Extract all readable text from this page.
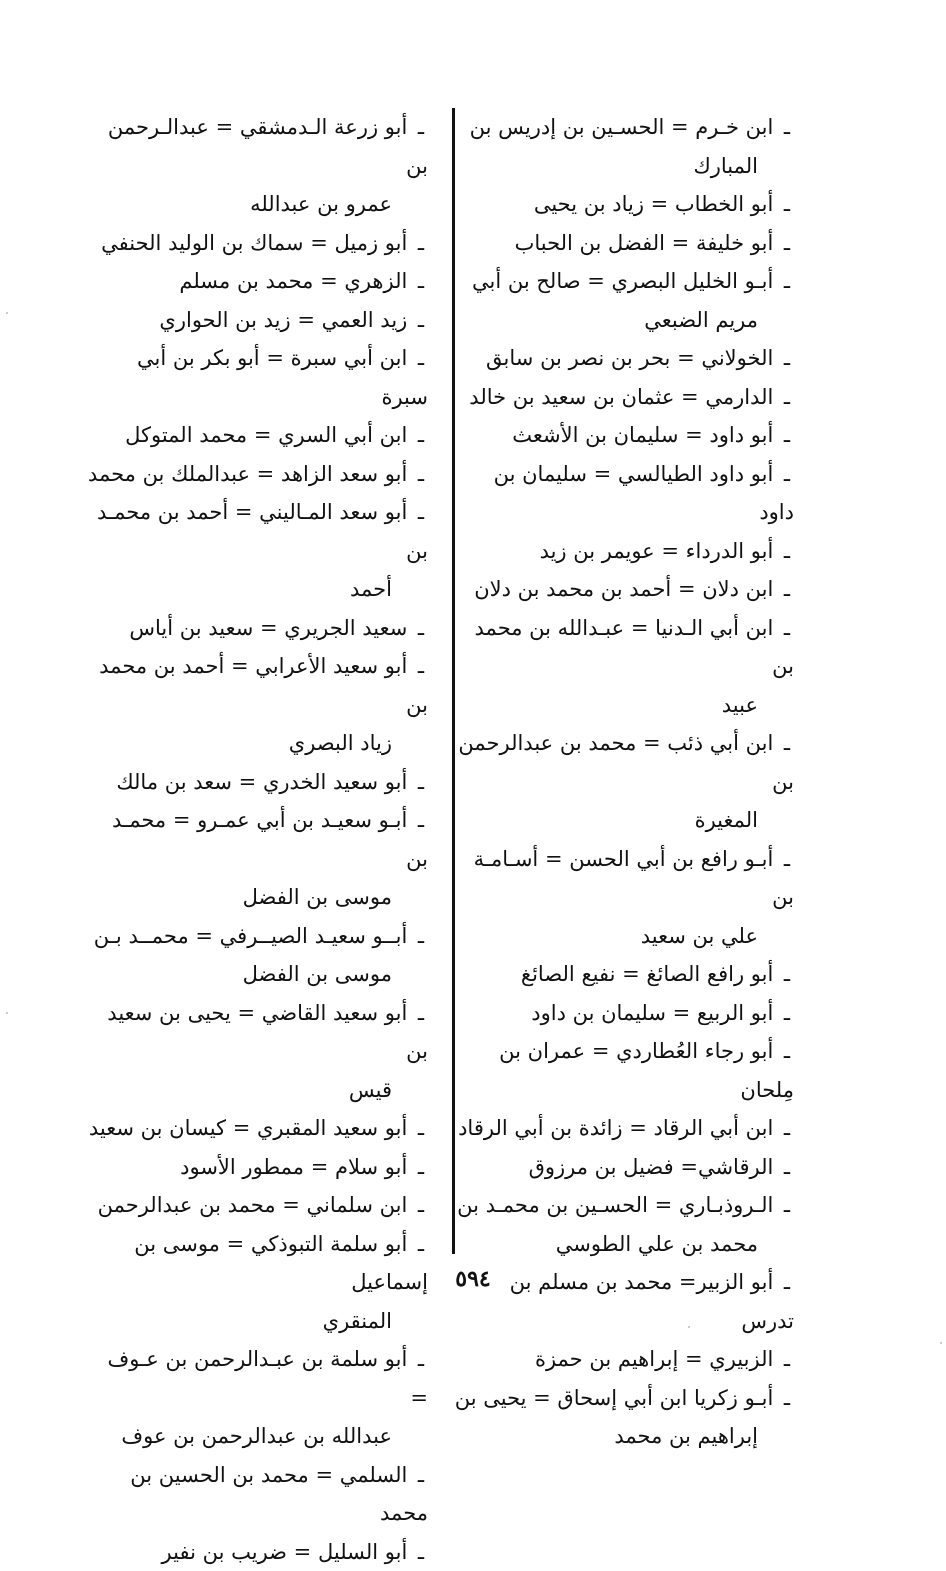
ـ ابن خـرم = الحسـين بن إدريس بن
المبارك
ـ أبو الخطاب = زياد بن يحيى
ـ أبو خليفة = الفضل بن الحباب
ـ أبـو الخليل البصري = صالح بن أبي
مريم الضبعي
ـ الخولاني = بحر بن نصر بن سابق
ـ الدارمي = عثمان بن سعيد بن خالد
ـ أبو داود = سليمان بن الأشعث
ـ أبو داود الطيالسي = سليمان بن داود
ـ أبو الدرداء = عويمر بن زيد
ـ ابن دلان = أحمد بن محمد بن دلان
ـ ابن أبي الـدنيا = عبـدالله بن محمد بن
عبيد
ـ ابن أبي ذئب = محمد بن عبدالرحمن بن
المغيرة
ـ أبـو رافع بن أبي الحسن = أسـامـة بن
علي بن سعيد
ـ أبو رافع الصائغ = نفيع الصائغ
ـ أبو الربيع = سليمان بن داود
ـ أبو رجاء العُطاردي = عمران بن مِلحان
ـ ابن أبي الرقاد = زائدة بن أبي الرقاد
ـ الرقاشي= فضيل بن مرزوق
ـ الـروذبـاري = الحسـين بن محمـد بن
محمد بن علي الطوسي
ـ أبو الزبير= محمد بن مسلم بن تدرس
ـ الزبيري = إبراهيم بن حمزة
ـ أبـو زكريا ابن أبي إسحاق = يحيى بن
إبراهيم بن محمد
ـ أبو زرعة الـدمشقي = عبدالـرحمن بن
عمرو بن عبدالله
ـ أبو زميل = سماك بن الوليد الحنفي
ـ الزهري = محمد بن مسلم
ـ زيد العمي = زيد بن الحواري
ـ ابن أبي سبرة = أبو بكر بن أبي سبرة
ـ ابن أبي السري = محمد المتوكل
ـ أبو سعد الزاهد = عبدالملك بن محمد
ـ أبو سعد المـاليني = أحمد بن محمـد بن
أحمد
ـ سعيد الجريري = سعيد بن أياس
ـ أبو سعيد الأعرابي = أحمد بن محمد بن
زياد البصري
ـ أبو سعيد الخدري = سعد بن مالك
ـ أبـو سعيـد بن أبي عمـرو = محمـد بن
موسى بن الفضل
ـ أبــو سعيـد الصيــرفي = محمــد بـن
موسى بن الفضل
ـ أبو سعيد القاضي = يحيى بن سعيد بن
قيس
ـ أبو سعيد المقبري = كيسان بن سعيد
ـ أبو سلام = ممطور الأسود
ـ ابن سلماني = محمد بن عبدالرحمن
ـ أبو سلمة التبوذكي = موسى بن إسماعيل
المنقري
ـ أبو سلمة بن عبـدالرحمن بن عـوف =
عبدالله بن عبدالرحمن بن عوف
ـ السلمي = محمد بن الحسين بن محمد
ـ أبو السليل = ضريب بن نفير
٥٩٤
